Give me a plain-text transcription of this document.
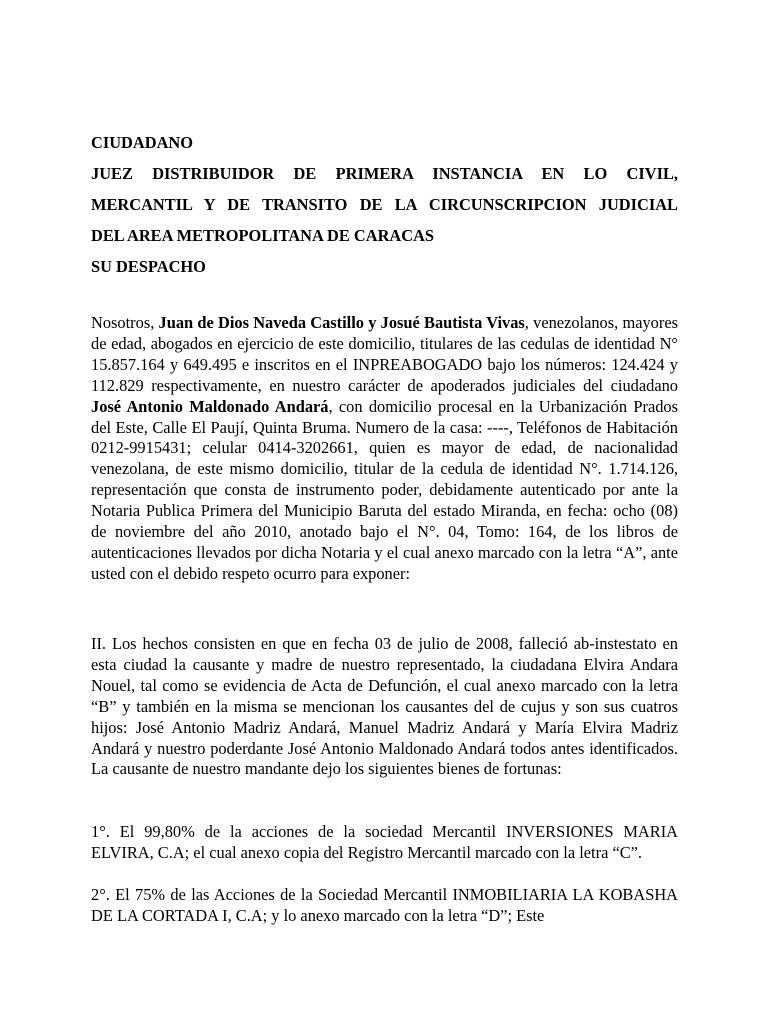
CIUDADANO
JUEZ DISTRIBUIDOR DE PRIMERA INSTANCIA EN LO CIVIL,
MERCANTIL Y DE TRANSITO DE LA CIRCUNSCRIPCION JUDICIAL
DEL AREA METROPOLITANA DE CARACAS
SU DESPACHO

Nosotros, Juan de Dios Naveda Castillo y Josué Bautista Vivas, venezolanos, mayores de edad, abogados en ejercicio de este domicilio, titulares de las cedulas de identidad N° 15.857.164 y 649.495 e inscritos en el INPREABOGADO bajo los números: 124.424 y 112.829 respectivamente, en nuestro carácter de apoderados judiciales del ciudadano José Antonio Maldonado Andará, con domicilio procesal en la Urbanización Prados del Este, Calle El Paují, Quinta Bruma. Numero de la casa: ----, Teléfonos de Habitación 0212-9915431; celular 0414-3202661, quien es mayor de edad, de nacionalidad venezolana, de este mismo domicilio, titular de la cedula de identidad N°. 1.714.126, representación que consta de instrumento poder, debidamente autenticado por ante la Notaria Publica Primera del Municipio Baruta del estado Miranda, en fecha: ocho (08) de noviembre del año 2010, anotado bajo el N°. 04, Tomo: 164, de los libros de autenticaciones llevados por dicha Notaria y el cual anexo marcado con la letra “A”, ante usted con el debido respeto ocurro para exponer:

II. Los hechos consisten en que en fecha 03 de julio de 2008, falleció ab-instestato en esta ciudad la causante y madre de nuestro representado, la ciudadana Elvira Andara Nouel, tal como se evidencia de Acta de Defunción, el cual anexo marcado con la letra “B” y también en la misma se mencionan los causantes del de cujus y son sus cuatros hijos: José Antonio Madriz Andará, Manuel Madriz Andará y María Elvira Madriz Andará y nuestro poderdante José Antonio Maldonado Andará todos antes identificados. La causante de nuestro mandante dejo los siguientes bienes de fortunas:

1°. El 99,80% de la acciones de la sociedad Mercantil INVERSIONES MARIA ELVIRA, C.A; el cual anexo copia del Registro Mercantil marcado con la letra “C”.

2°. El 75% de las Acciones de la Sociedad Mercantil INMOBILIARIA LA KOBASHA DE LA CORTADA I, C.A; y lo anexo marcado con la letra “D”; Este
